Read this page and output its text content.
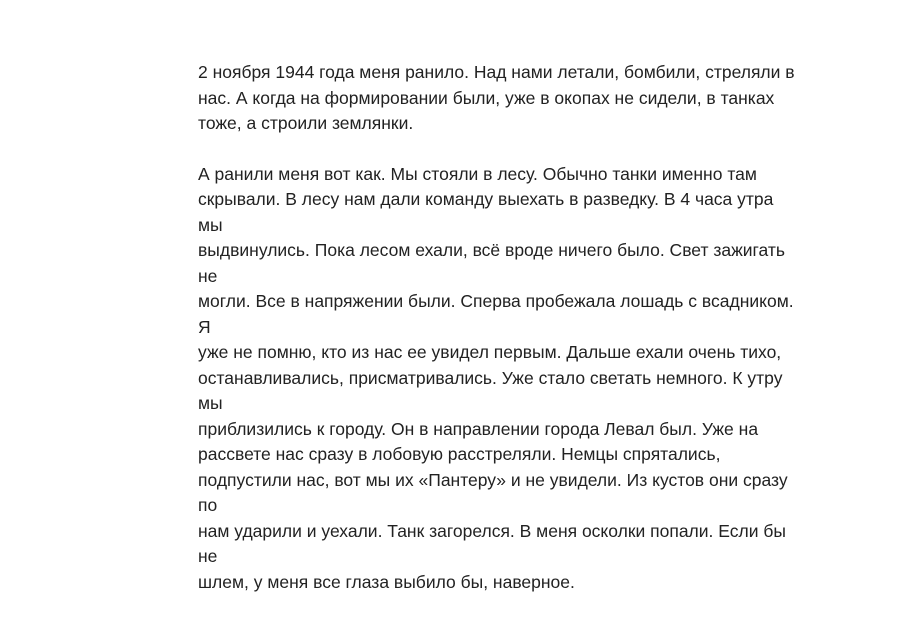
2 ноября 1944 года меня ранило. Над нами летали, бомбили, стреляли в
нас. А когда на формировании были, уже в окопах не сидели, в танках
тоже, а строили землянки.

А ранили меня вот как. Мы стояли в лесу. Обычно танки именно там
скрывали. В лесу нам дали команду выехать в разведку. В 4 часа утра мы
выдвинулись. Пока лесом ехали, всё вроде ничего было. Свет зажигать не
могли. Все в напряжении были. Сперва пробежала лошадь с всадником. Я
уже не помню, кто из нас ее увидел первым. Дальше ехали очень тихо,
останавливались, присматривались. Уже стало светать немного. К утру мы
приблизились к городу. Он в направлении города Левал был. Уже на
рассвете нас сразу в лобовую расстреляли. Немцы спрятались,
подпустили нас, вот мы их «Пантеру» и не увидели. Из кустов они сразу по
нам ударили и уехали. Танк загорелся. В меня осколки попали. Если бы не
шлем, у меня все глаза выбило бы, наверное.
